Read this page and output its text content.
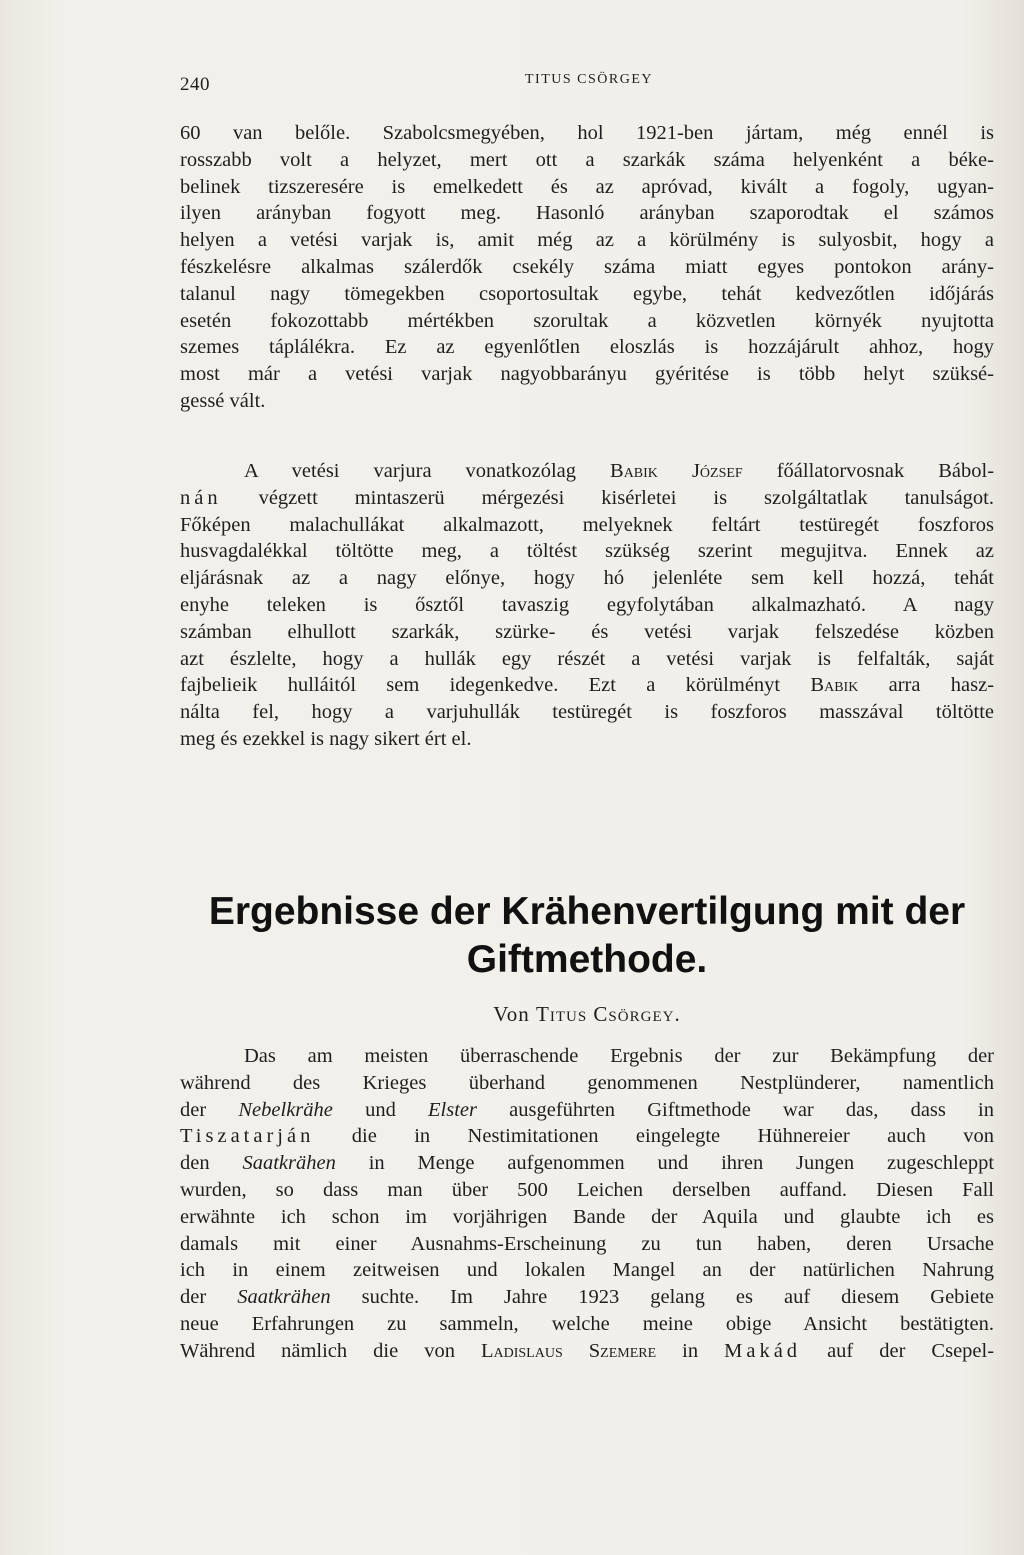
240	TITUS CSÖRGEY

60 van belőle. Szabolcsmegyében, hol 1921-ben jártam, még ennél is

rosszabb volt a helyzet, mert ott a szarkák száma helyenként a béke-

belinek tizszeresére is emelkedett és az apróvad, kivált a fogoly, ugyan-

ilyen arányban fogyott meg. Hasonló arányban szaporodtak el számos

helyen a vetési varjak is, amit még az a körülmény is sulyosbit, hogy a

fészkelésre alkalmas szálerdők csekély száma miatt egyes pontokon arány-

talanul nagy tömegekben csoportosultak egybe, tehát kedvezőtlen időjárás

esetén fokozottabb mértékben szorultak a közvetlen környék nyujtotta

szemes táplálékra. Ez az egyenlőtlen eloszlás is hozzájárult ahhoz, hogy

most már a vetési varjak nagyobbarányu gyéritése is több helyt szüksé-

gessé vált.

A vetési varjura vonatkozólag Babik József főállatorvosnak Bábol-

nán végzett mintaszerü mérgezési kisérletei is szolgáltatlak tanulságot.

Főképen malachullákat alkalmazott, melyeknek feltárt testüregét foszforos

husvagdalékkal töltötte meg, a töltést szükség szerint megujitva. Ennek az

eljárásnak az a nagy előnye, hogy hó jelenléte sem kell hozzá, tehát

enyhe teleken is ősztől tavaszig egyfolytában alkalmazható. A nagy

számban elhullott szarkák, szürke- és vetési varjak felszedése közben

azt észlelte, hogy a hullák egy részét a vetési varjak is felfalták, saját

fajbelieik hulláitól sem idegenkedve. Ezt a körülményt Babik arra hasz-

nálta fel, hogy a varjuhullák testüregét is foszforos masszával töltötte

meg és ezekkel is nagy sikert ért el.

Ergebnisse der Krähenvertilgung mit der
Giftmethode.
Von Titus Csörgey.

Das am meisten überraschende Ergebnis der zur Bekämpfung der

während des Krieges überhand genommenen Nestplünderer, namentlich

der Nebelkrähe und Elster ausgeführten Giftmethode war das, dass in

Tiszatarján die in Nestimitationen eingelegte Hühnereier auch von

den Saatkrähen in Menge aufgenommen und ihren Jungen zugeschleppt

wurden, so dass man über 500 Leichen derselben auffand. Diesen Fall

erwähnte ich schon im vorjährigen Bande der Aquila und glaubte ich es

damals mit einer Ausnahms-Erscheinung zu tun haben, deren Ursache

ich in einem zeitweisen und lokalen Mangel an der natürlichen Nahrung

der Saatkrähen suchte. Im Jahre 1923 gelang es auf diesem Gebiete

neue Erfahrungen zu sammeln, welche meine obige Ansicht bestätigten.

Während nämlich die von Ladislaus Szemere in Makád auf der Csepel-
